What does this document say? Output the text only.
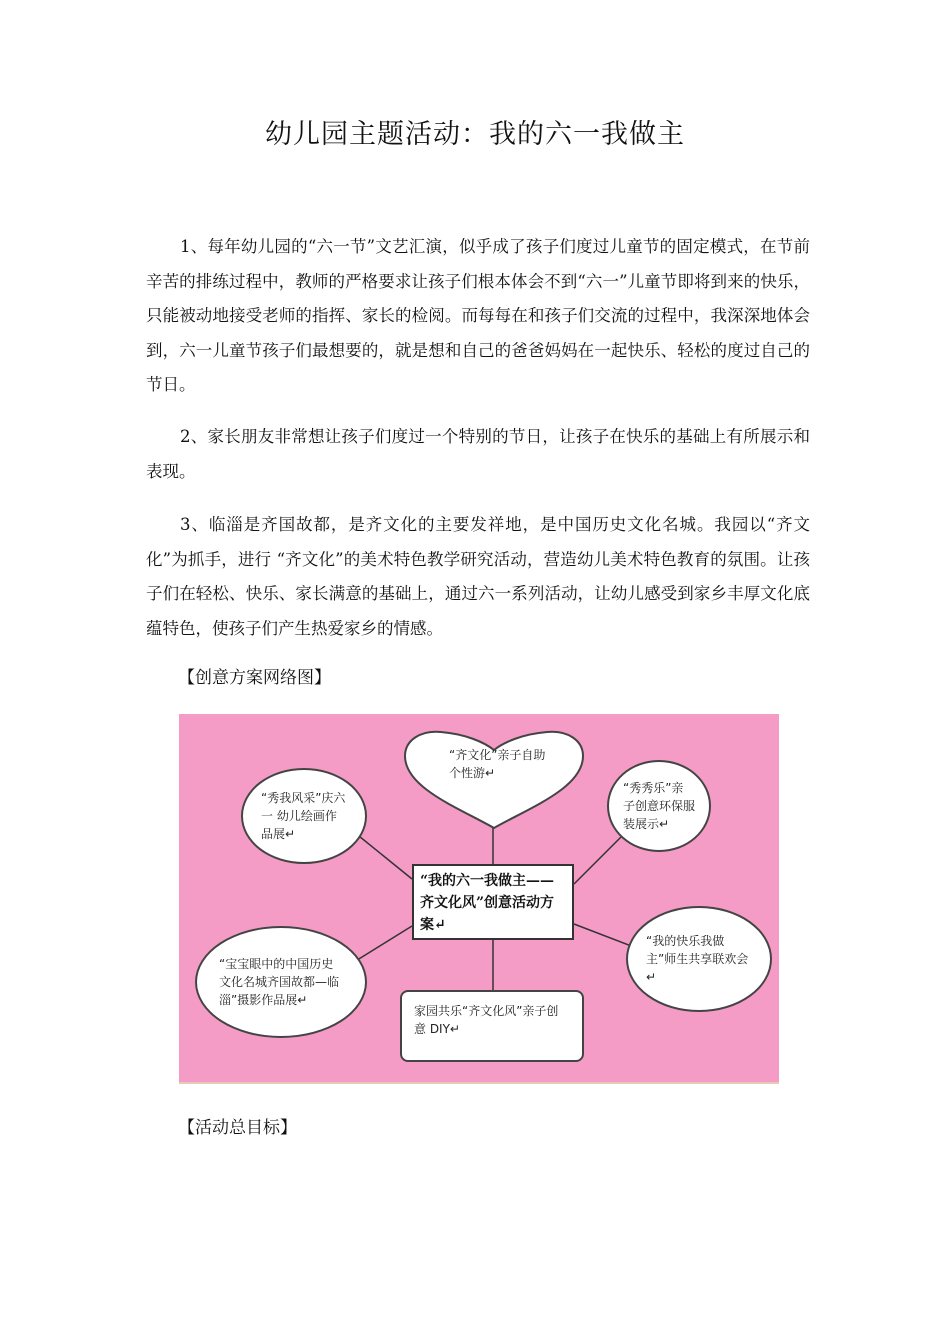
幼儿园主题活动：我的六一我做主

1、每年幼儿园的“六一节”文艺汇演，似乎成了孩子们度过儿童节的固定模式，在节前辛苦的排练过程中，教师的严格要求让孩子们根本体会不到“六一”儿童节即将到来的快乐，只能被动地接受老师的指挥、家长的检阅。而每每在和孩子们交流的过程中，我深深地体会到，六一儿童节孩子们最想要的，就是想和自己的爸爸妈妈在一起快乐、轻松的度过自己的节日。

2、家长朋友非常想让孩子们度过一个特别的节日，让孩子在快乐的基础上有所展示和表现。

3、临淄是齐国故都，是齐文化的主要发祥地，是中国历史文化名城。我园以“齐文化”为抓手，进行 “齐文化”的美术特色教学研究活动，营造幼儿美术特色教育的氛围。让孩子们在轻松、快乐、家长满意的基础上，通过六一系列活动，让幼儿感受到家乡丰厚文化底蕴特色，使孩子们产生热爱家乡的情感。

【创意方案网络图】

“齐文化”亲子自助个性游↵
“秀我风采”庆六一 幼儿绘画作品展↵
“秀秀乐”亲子创意环保服装展示↵
“我的六一我做主——齐文化风”创意活动方案↵
“宝宝眼中的中国历史文化名城齐国故都—临淄”摄影作品展↵
“我的快乐我做主”师生共享联欢会↵
家园共乐“齐文化风”亲子创意 DIY↵

【活动总目标】
